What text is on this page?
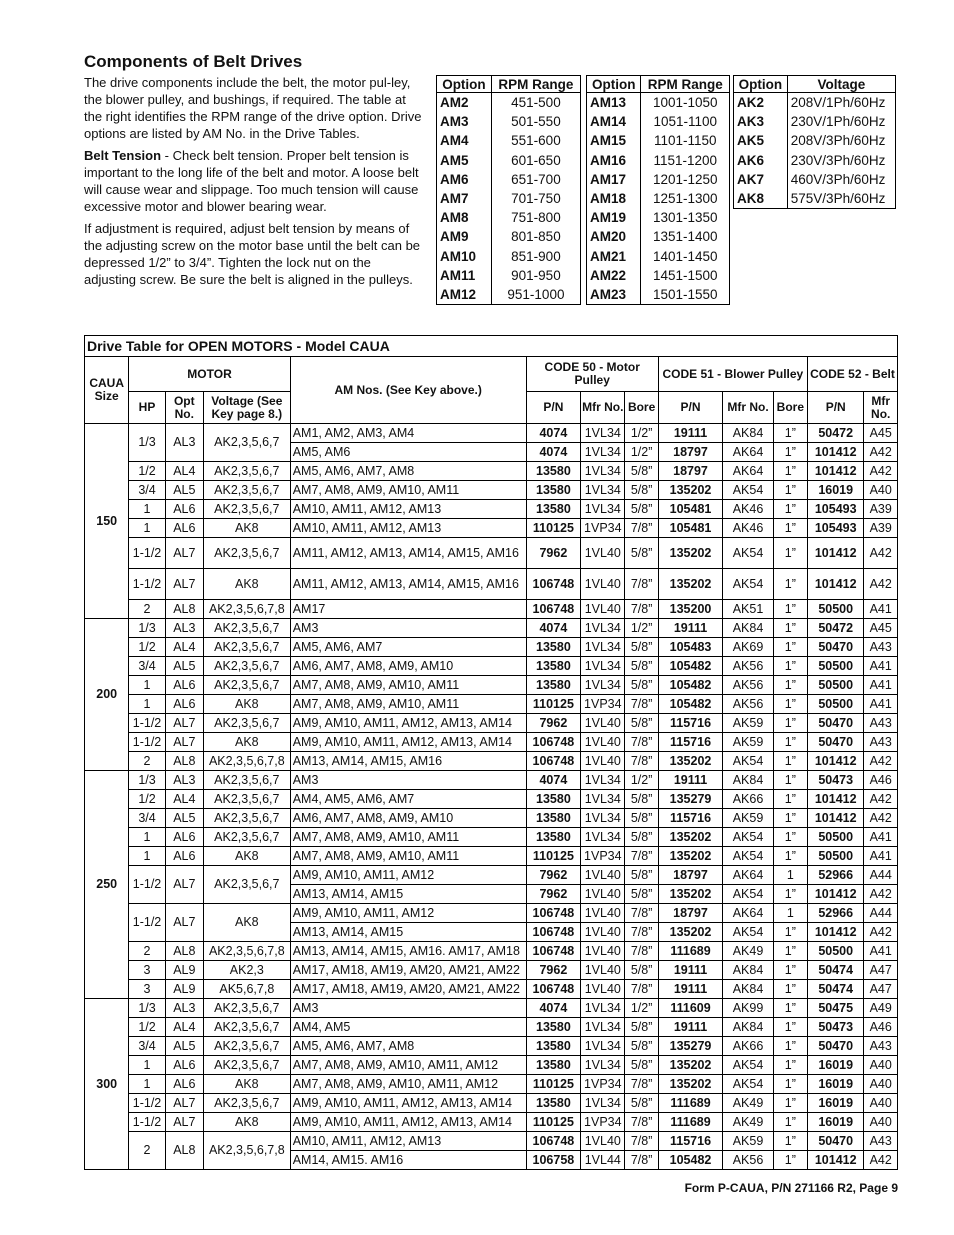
Components of Belt Drives

The drive components include the belt, the motor pul-ley, the blower pulley, and bushings, if required. The table at the right identifies the RPM range of the drive option. Drive options are listed by AM No. in the Drive Tables.

Belt Tension - Check belt tension. Proper belt tension is important to the long life of the belt and motor. A loose belt will cause wear and slippage. Too much tension will cause excessive motor and blower bearing wear.

If adjustment is required, adjust belt tension by means of the adjusting screw on the motor base until the belt can be depressed 1/2” to 3/4”. Tighten the lock nut on the adjusting screw. Be sure the belt is aligned in the pulleys.

Option	RPM Range
AM2	451-500
AM3	501-550
AM4	551-600
AM5	601-650
AM6	651-700
AM7	701-750
AM8	751-800
AM9	801-850
AM10	851-900
AM11	901-950
AM12	951-1000
Option	RPM Range
AM13	1001-1050
AM14	1051-1100
AM15	1101-1150
AM16	1151-1200
AM17	1201-1250
AM18	1251-1300
AM19	1301-1350
AM20	1351-1400
AM21	1401-1450
AM22	1451-1500
AM23	1501-1550
Option	Voltage
AK2	208V/1Ph/60Hz
AK3	230V/1Ph/60Hz
AK5	208V/3Ph/60Hz
AK6	230V/3Ph/60Hz
AK7	460V/3Ph/60Hz
AK8	575V/3Ph/60Hz
Drive Table for OPEN MOTORS - Model CAUA												
CAUA Size	MOTOR			AM Nos. (See Key above.)	CODE 50 - Motor Pulley			CODE 51 - Blower Pulley			CODE 52 - Belt	
	HP	Opt No.	Voltage (See Key page 8.)		P/N	Mfr No.	Bore	P/N	Mfr No.	Bore	P/N	Mfr No.
150	1/3	AL3	AK2,3,5,6,7	AM1, AM2, AM3, AM4	4074	1VL34	1/2”	19111	AK84	1”	50472	A45
				AM5, AM6	4074	1VL34	1/2”	18797	AK64	1”	101412	A42
	1/2	AL4	AK2,3,5,6,7	AM5, AM6, AM7, AM8	13580	1VL34	5/8”	18797	AK64	1”	101412	A42
	3/4	AL5	AK2,3,5,6,7	AM7, AM8, AM9, AM10, AM11	13580	1VL34	5/8”	135202	AK54	1”	16019	A40
	1	AL6	AK2,3,5,6,7	AM10, AM11, AM12, AM13	13580	1VL34	5/8”	105481	AK46	1”	105493	A39
	1	AL6	AK8	AM10, AM11, AM12, AM13	110125	1VP34	7/8”	105481	AK46	1”	105493	A39
	1-1/2	AL7	AK2,3,5,6,7	AM11, AM12, AM13, AM14, AM15, AM16	7962	1VL40	5/8”	135202	AK54	1”	101412	A42
	1-1/2	AL7	AK8	AM11, AM12, AM13, AM14, AM15, AM16	106748	1VL40	7/8”	135202	AK54	1”	101412	A42
	2	AL8	AK2,3,5,6,7,8	AM17	106748	1VL40	7/8”	135200	AK51	1”	50500	A41
200	1/3	AL3	AK2,3,5,6,7	AM3	4074	1VL34	1/2”	19111	AK84	1”	50472	A45
	1/2	AL4	AK2,3,5,6,7	AM5, AM6, AM7	13580	1VL34	5/8”	105483	AK69	1”	50470	A43
	3/4	AL5	AK2,3,5,6,7	AM6, AM7, AM8, AM9, AM10	13580	1VL34	5/8”	105482	AK56	1”	50500	A41
	1	AL6	AK2,3,5,6,7	AM7, AM8, AM9, AM10, AM11	13580	1VL34	5/8”	105482	AK56	1”	50500	A41
	1	AL6	AK8	AM7, AM8, AM9, AM10, AM11	110125	1VP34	7/8”	105482	AK56	1”	50500	A41
	1-1/2	AL7	AK2,3,5,6,7	AM9, AM10, AM11, AM12, AM13, AM14	7962	1VL40	5/8”	115716	AK59	1”	50470	A43
	1-1/2	AL7	AK8	AM9, AM10, AM11, AM12, AM13, AM14	106748	1VL40	7/8”	115716	AK59	1”	50470	A43
	2	AL8	AK2,3,5,6,7,8	AM13, AM14, AM15, AM16	106748	1VL40	7/8”	135202	AK54	1”	101412	A42
250	1/3	AL3	AK2,3,5,6,7	AM3	4074	1VL34	1/2”	19111	AK84	1”	50473	A46
	1/2	AL4	AK2,3,5,6,7	AM4, AM5, AM6, AM7	13580	1VL34	5/8”	135279	AK66	1”	101412	A42
	3/4	AL5	AK2,3,5,6,7	AM6, AM7, AM8, AM9, AM10	13580	1VL34	5/8”	115716	AK59	1”	101412	A42
	1	AL6	AK2,3,5,6,7	AM7, AM8, AM9, AM10, AM11	13580	1VL34	5/8”	135202	AK54	1”	50500	A41
	1	AL6	AK8	AM7, AM8, AM9, AM10, AM11	110125	1VP34	7/8”	135202	AK54	1”	50500	A41
	1-1/2	AL7	AK2,3,5,6,7	AM9, AM10, AM11, AM12	7962	1VL40	5/8”	18797	AK64	1	52966	A44
				AM13, AM14, AM15	7962	1VL40	5/8”	135202	AK54	1”	101412	A42
	1-1/2	AL7	AK8	AM9, AM10, AM11, AM12	106748	1VL40	7/8”	18797	AK64	1	52966	A44
				AM13, AM14, AM15	106748	1VL40	7/8”	135202	AK54	1”	101412	A42
	2	AL8	AK2,3,5,6,7,8	AM13, AM14, AM15, AM16. AM17, AM18	106748	1VL40	7/8”	111689	AK49	1”	50500	A41
	3	AL9	AK2,3	AM17, AM18, AM19, AM20, AM21, AM22	7962	1VL40	5/8”	19111	AK84	1”	50474	A47
	3	AL9	AK5,6,7,8	AM17, AM18, AM19, AM20, AM21, AM22	106748	1VL40	7/8”	19111	AK84	1”	50474	A47
300	1/3	AL3	AK2,3,5,6,7	AM3	4074	1VL34	1/2”	111609	AK99	1”	50475	A49
	1/2	AL4	AK2,3,5,6,7	AM4, AM5	13580	1VL34	5/8”	19111	AK84	1”	50473	A46
	3/4	AL5	AK2,3,5,6,7	AM5, AM6, AM7, AM8	13580	1VL34	5/8”	135279	AK66	1”	50470	A43
	1	AL6	AK2,3,5,6,7	AM7, AM8, AM9, AM10, AM11, AM12	13580	1VL34	5/8”	135202	AK54	1”	16019	A40
	1	AL6	AK8	AM7, AM8, AM9, AM10, AM11, AM12	110125	1VP34	7/8”	135202	AK54	1”	16019	A40
	1-1/2	AL7	AK2,3,5,6,7	AM9, AM10, AM11, AM12, AM13, AM14	13580	1VL34	5/8”	111689	AK49	1”	16019	A40
	1-1/2	AL7	AK8	AM9, AM10, AM11, AM12, AM13, AM14	110125	1VP34	7/8”	111689	AK49	1”	16019	A40
	2	AL8	AK2,3,5,6,7,8	AM10, AM11, AM12, AM13	106748	1VL40	7/8”	115716	AK59	1”	50470	A43
				AM14, AM15. AM16	106758	1VL44	7/8”	105482	AK56	1”	101412	A42
Form P-CAUA, P/N 271166 R2, Page 9
